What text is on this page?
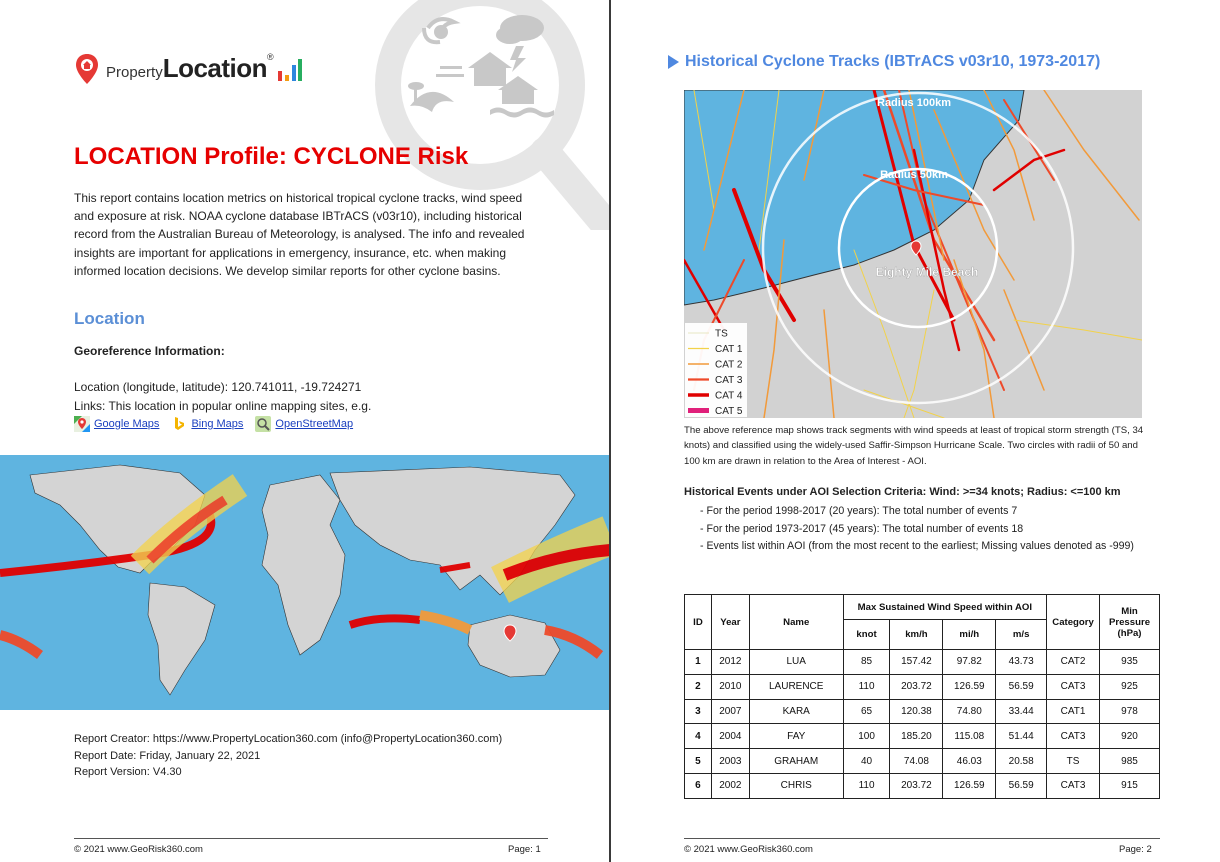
Property Location ®
LOCATION Profile: CYCLONE Risk

This report contains location metrics on historical tropical cyclone tracks, wind speed and exposure at risk. NOAA cyclone database IBTrACS (v03r10), including historical record from the Australian Bureau of Meteorology, is analysed. The info and revealed insights are important for applications in emergency, insurance, etc. when making informed location decisions. We develop similar reports for other cyclone basins.

Location
Georeference Information:
Location (longitude, latitude): 120.741011, -19.724271
Links: This location in popular online mapping sites, e.g.
Google Maps	Bing Maps	OpenStreetMap
Report Creator: https://www.PropertyLocation360.com (info@PropertyLocation360.com)
Report Date: Friday, January 22, 2021
Report Version: V4.30
© 2021 www.GeoRisk360.com	Page: 1
Historical Cyclone Tracks (IBTrACS v03r10, 1973-2017)
Radius 100km
Radius 50km
Eighty Mile Beach
TS
CAT 1
CAT 2
CAT 3
CAT 4
CAT 5

The above reference map shows track segments with wind speeds at least of tropical storm strength (TS, 34 knots) and classified using the widely-used Saffir-Simpson Hurricane Scale. Two circles with radii of 50 and 100 km are drawn in relation to the Area of Interest - AOI.

Historical Events under AOI Selection Criteria: Wind: >=34 knots; Radius: <=100 km
- For the period 1998-2017 (20 years): The total number of events 7
- For the period 1973-2017 (45 years): The total number of events 18
- Events list within AOI (from the most recent to the earliest; Missing values denoted as -999)
ID	Year	Name	Max Sustained Wind Speed within AOI				Category	Min Pressure (hPa)
			knot	km/h	mi/h	m/s		
1	2012	LUA	85	157.42	97.82	43.73	CAT2	935
2	2010	LAURENCE	110	203.72	126.59	56.59	CAT3	925
3	2007	KARA	65	120.38	74.80	33.44	CAT1	978
4	2004	FAY	100	185.20	115.08	51.44	CAT3	920
5	2003	GRAHAM	40	74.08	46.03	20.58	TS	985
6	2002	CHRIS	110	203.72	126.59	56.59	CAT3	915
© 2021 www.GeoRisk360.com	Page: 2
